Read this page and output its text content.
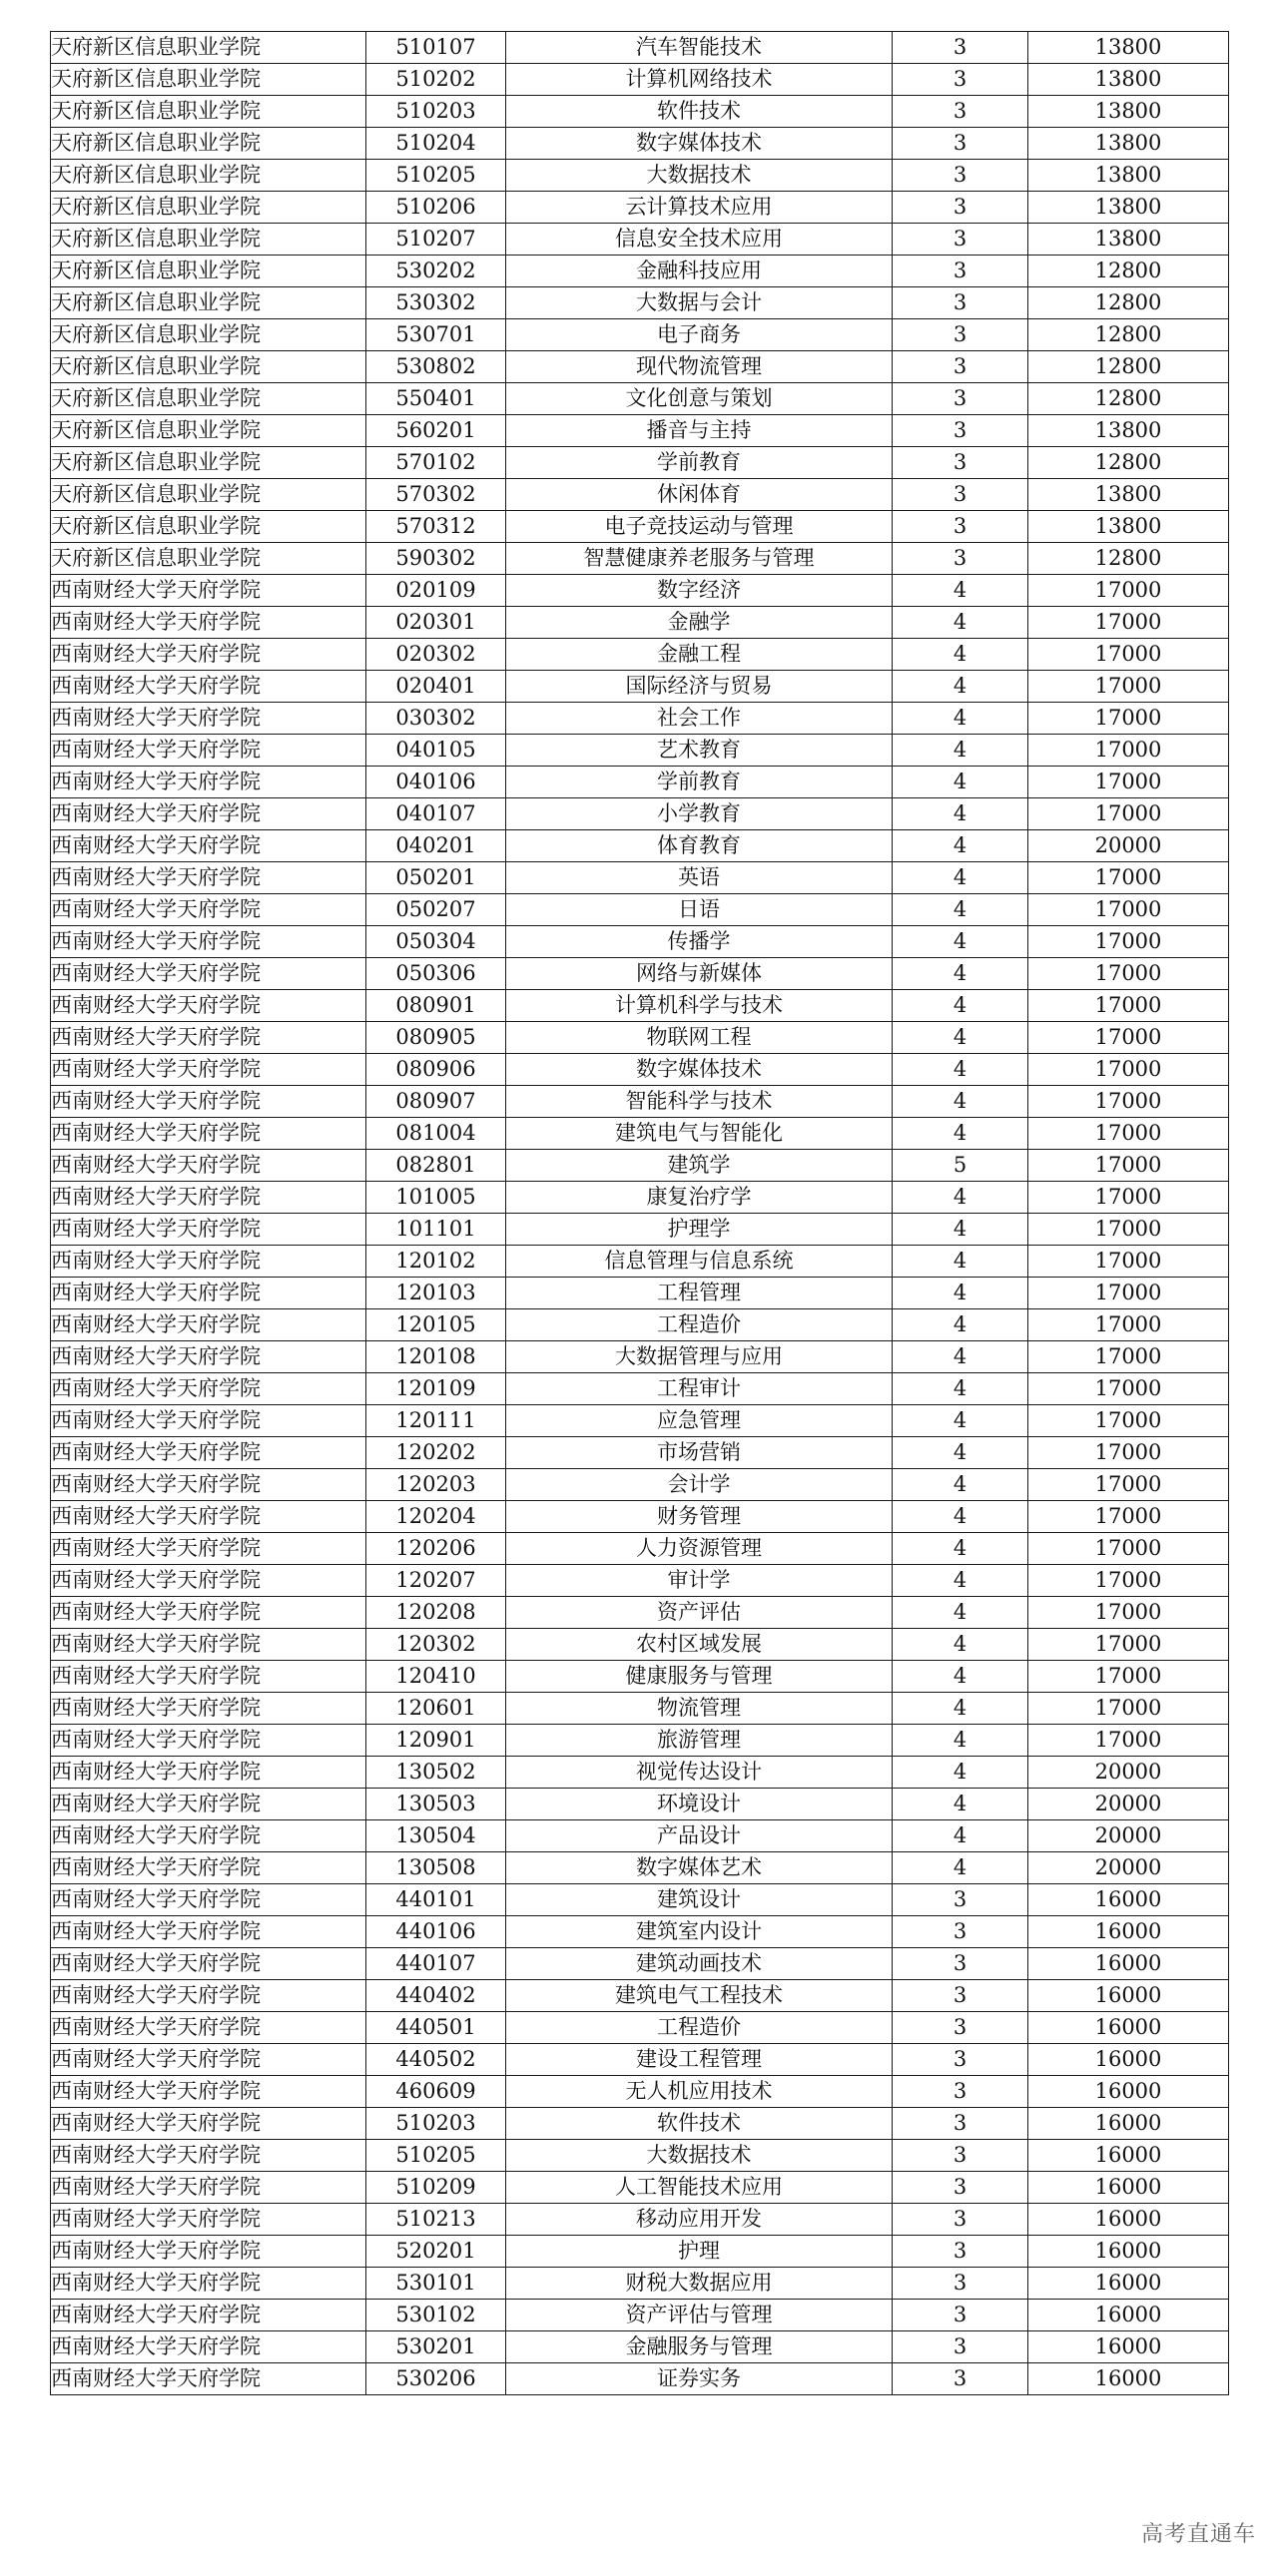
天府新区信息职业学院	510107	汽车智能技术	3	13800
天府新区信息职业学院	510202	计算机网络技术	3	13800
天府新区信息职业学院	510203	软件技术	3	13800
天府新区信息职业学院	510204	数字媒体技术	3	13800
天府新区信息职业学院	510205	大数据技术	3	13800
天府新区信息职业学院	510206	云计算技术应用	3	13800
天府新区信息职业学院	510207	信息安全技术应用	3	13800
天府新区信息职业学院	530202	金融科技应用	3	12800
天府新区信息职业学院	530302	大数据与会计	3	12800
天府新区信息职业学院	530701	电子商务	3	12800
天府新区信息职业学院	530802	现代物流管理	3	12800
天府新区信息职业学院	550401	文化创意与策划	3	12800
天府新区信息职业学院	560201	播音与主持	3	13800
天府新区信息职业学院	570102	学前教育	3	12800
天府新区信息职业学院	570302	休闲体育	3	13800
天府新区信息职业学院	570312	电子竞技运动与管理	3	13800
天府新区信息职业学院	590302	智慧健康养老服务与管理	3	12800
西南财经大学天府学院	020109	数字经济	4	17000
西南财经大学天府学院	020301	金融学	4	17000
西南财经大学天府学院	020302	金融工程	4	17000
西南财经大学天府学院	020401	国际经济与贸易	4	17000
西南财经大学天府学院	030302	社会工作	4	17000
西南财经大学天府学院	040105	艺术教育	4	17000
西南财经大学天府学院	040106	学前教育	4	17000
西南财经大学天府学院	040107	小学教育	4	17000
西南财经大学天府学院	040201	体育教育	4	20000
西南财经大学天府学院	050201	英语	4	17000
西南财经大学天府学院	050207	日语	4	17000
西南财经大学天府学院	050304	传播学	4	17000
西南财经大学天府学院	050306	网络与新媒体	4	17000
西南财经大学天府学院	080901	计算机科学与技术	4	17000
西南财经大学天府学院	080905	物联网工程	4	17000
西南财经大学天府学院	080906	数字媒体技术	4	17000
西南财经大学天府学院	080907	智能科学与技术	4	17000
西南财经大学天府学院	081004	建筑电气与智能化	4	17000
西南财经大学天府学院	082801	建筑学	5	17000
西南财经大学天府学院	101005	康复治疗学	4	17000
西南财经大学天府学院	101101	护理学	4	17000
西南财经大学天府学院	120102	信息管理与信息系统	4	17000
西南财经大学天府学院	120103	工程管理	4	17000
西南财经大学天府学院	120105	工程造价	4	17000
西南财经大学天府学院	120108	大数据管理与应用	4	17000
西南财经大学天府学院	120109	工程审计	4	17000
西南财经大学天府学院	120111	应急管理	4	17000
西南财经大学天府学院	120202	市场营销	4	17000
西南财经大学天府学院	120203	会计学	4	17000
西南财经大学天府学院	120204	财务管理	4	17000
西南财经大学天府学院	120206	人力资源管理	4	17000
西南财经大学天府学院	120207	审计学	4	17000
西南财经大学天府学院	120208	资产评估	4	17000
西南财经大学天府学院	120302	农村区域发展	4	17000
西南财经大学天府学院	120410	健康服务与管理	4	17000
西南财经大学天府学院	120601	物流管理	4	17000
西南财经大学天府学院	120901	旅游管理	4	17000
西南财经大学天府学院	130502	视觉传达设计	4	20000
西南财经大学天府学院	130503	环境设计	4	20000
西南财经大学天府学院	130504	产品设计	4	20000
西南财经大学天府学院	130508	数字媒体艺术	4	20000
西南财经大学天府学院	440101	建筑设计	3	16000
西南财经大学天府学院	440106	建筑室内设计	3	16000
西南财经大学天府学院	440107	建筑动画技术	3	16000
西南财经大学天府学院	440402	建筑电气工程技术	3	16000
西南财经大学天府学院	440501	工程造价	3	16000
西南财经大学天府学院	440502	建设工程管理	3	16000
西南财经大学天府学院	460609	无人机应用技术	3	16000
西南财经大学天府学院	510203	软件技术	3	16000
西南财经大学天府学院	510205	大数据技术	3	16000
西南财经大学天府学院	510209	人工智能技术应用	3	16000
西南财经大学天府学院	510213	移动应用开发	3	16000
西南财经大学天府学院	520201	护理	3	16000
西南财经大学天府学院	530101	财税大数据应用	3	16000
西南财经大学天府学院	530102	资产评估与管理	3	16000
西南财经大学天府学院	530201	金融服务与管理	3	16000
西南财经大学天府学院	530206	证券实务	3	16000
高考直通车
